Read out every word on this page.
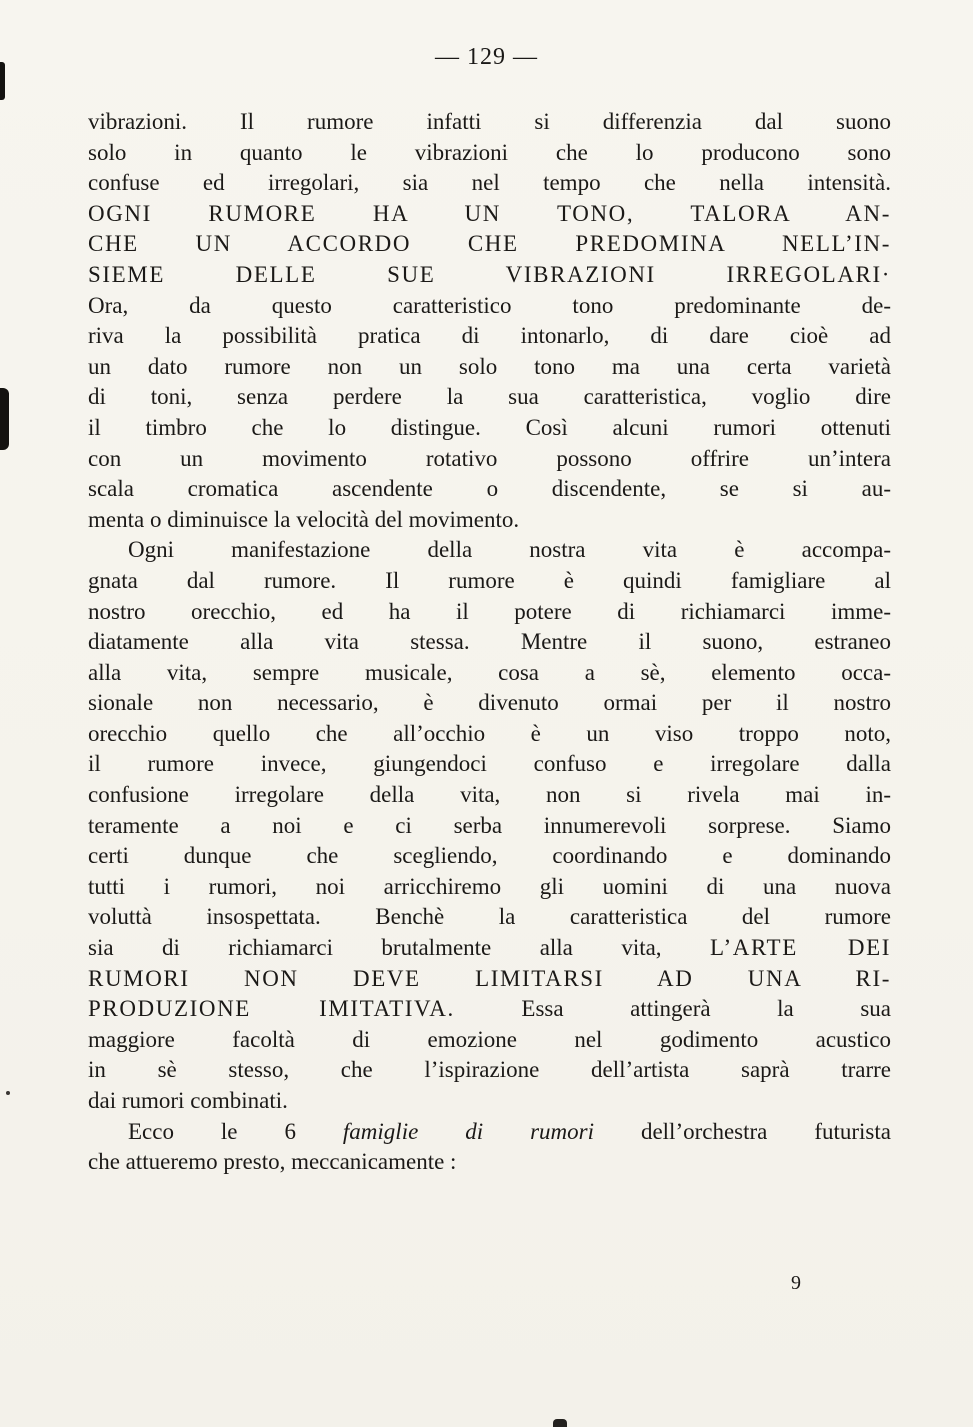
— 129 —
vibrazioni. Il rumore infatti si differenzia dal suono
solo in quanto le vibrazioni che lo producono sono
confuse ed irregolari, sia nel tempo che nella intensità.
OGNI RUMORE HA UN TONO, TALORA AN-
CHE UN ACCORDO CHE PREDOMINA NELL’IN-
SIEME DELLE SUE VIBRAZIONI IRREGOLARI·
Ora, da questo caratteristico tono predominante de-
riva la possibilità pratica di intonarlo, di dare cioè ad
un dato rumore non un solo tono ma una certa varietà
di toni, senza perdere la sua caratteristica, voglio dire
il timbro che lo distingue. Così alcuni rumori ottenuti
con un movimento rotativo possono offrire un’intera
scala cromatica ascendente o discendente, se si au-
menta o diminuisce la velocità del movimento.
Ogni manifestazione della nostra vita è accompa-
gnata dal rumore. Il rumore è quindi famigliare al
nostro orecchio, ed ha il potere di richiamarci imme-
diatamente alla vita stessa. Mentre il suono, estraneo
alla vita, sempre musicale, cosa a sè, elemento occa-
sionale non necessario, è divenuto ormai per il nostro
orecchio quello che all’occhio è un viso troppo noto,
il rumore invece, giungendoci confuso e irregolare dalla
confusione irregolare della vita, non si rivela mai in-
teramente a noi e ci serba innumerevoli sorprese. Siamo
certi dunque che scegliendo, coordinando e dominando
tutti i rumori, noi arricchiremo gli uomini di una nuova
voluttà insospettata. Benchè la caratteristica del rumore
sia di richiamarci brutalmente alla vita, L’ARTE DEI
RUMORI NON DEVE LIMITARSI AD UNA RI-
PRODUZIONE IMITATIVA. Essa attingerà la sua
maggiore facoltà di emozione nel godimento acustico
in sè stesso, che l’ispirazione dell’artista saprà trarre
dai rumori combinati.
Ecco le 6 famiglie di rumori dell’orchestra futurista
che attueremo presto, meccanicamente :
9
